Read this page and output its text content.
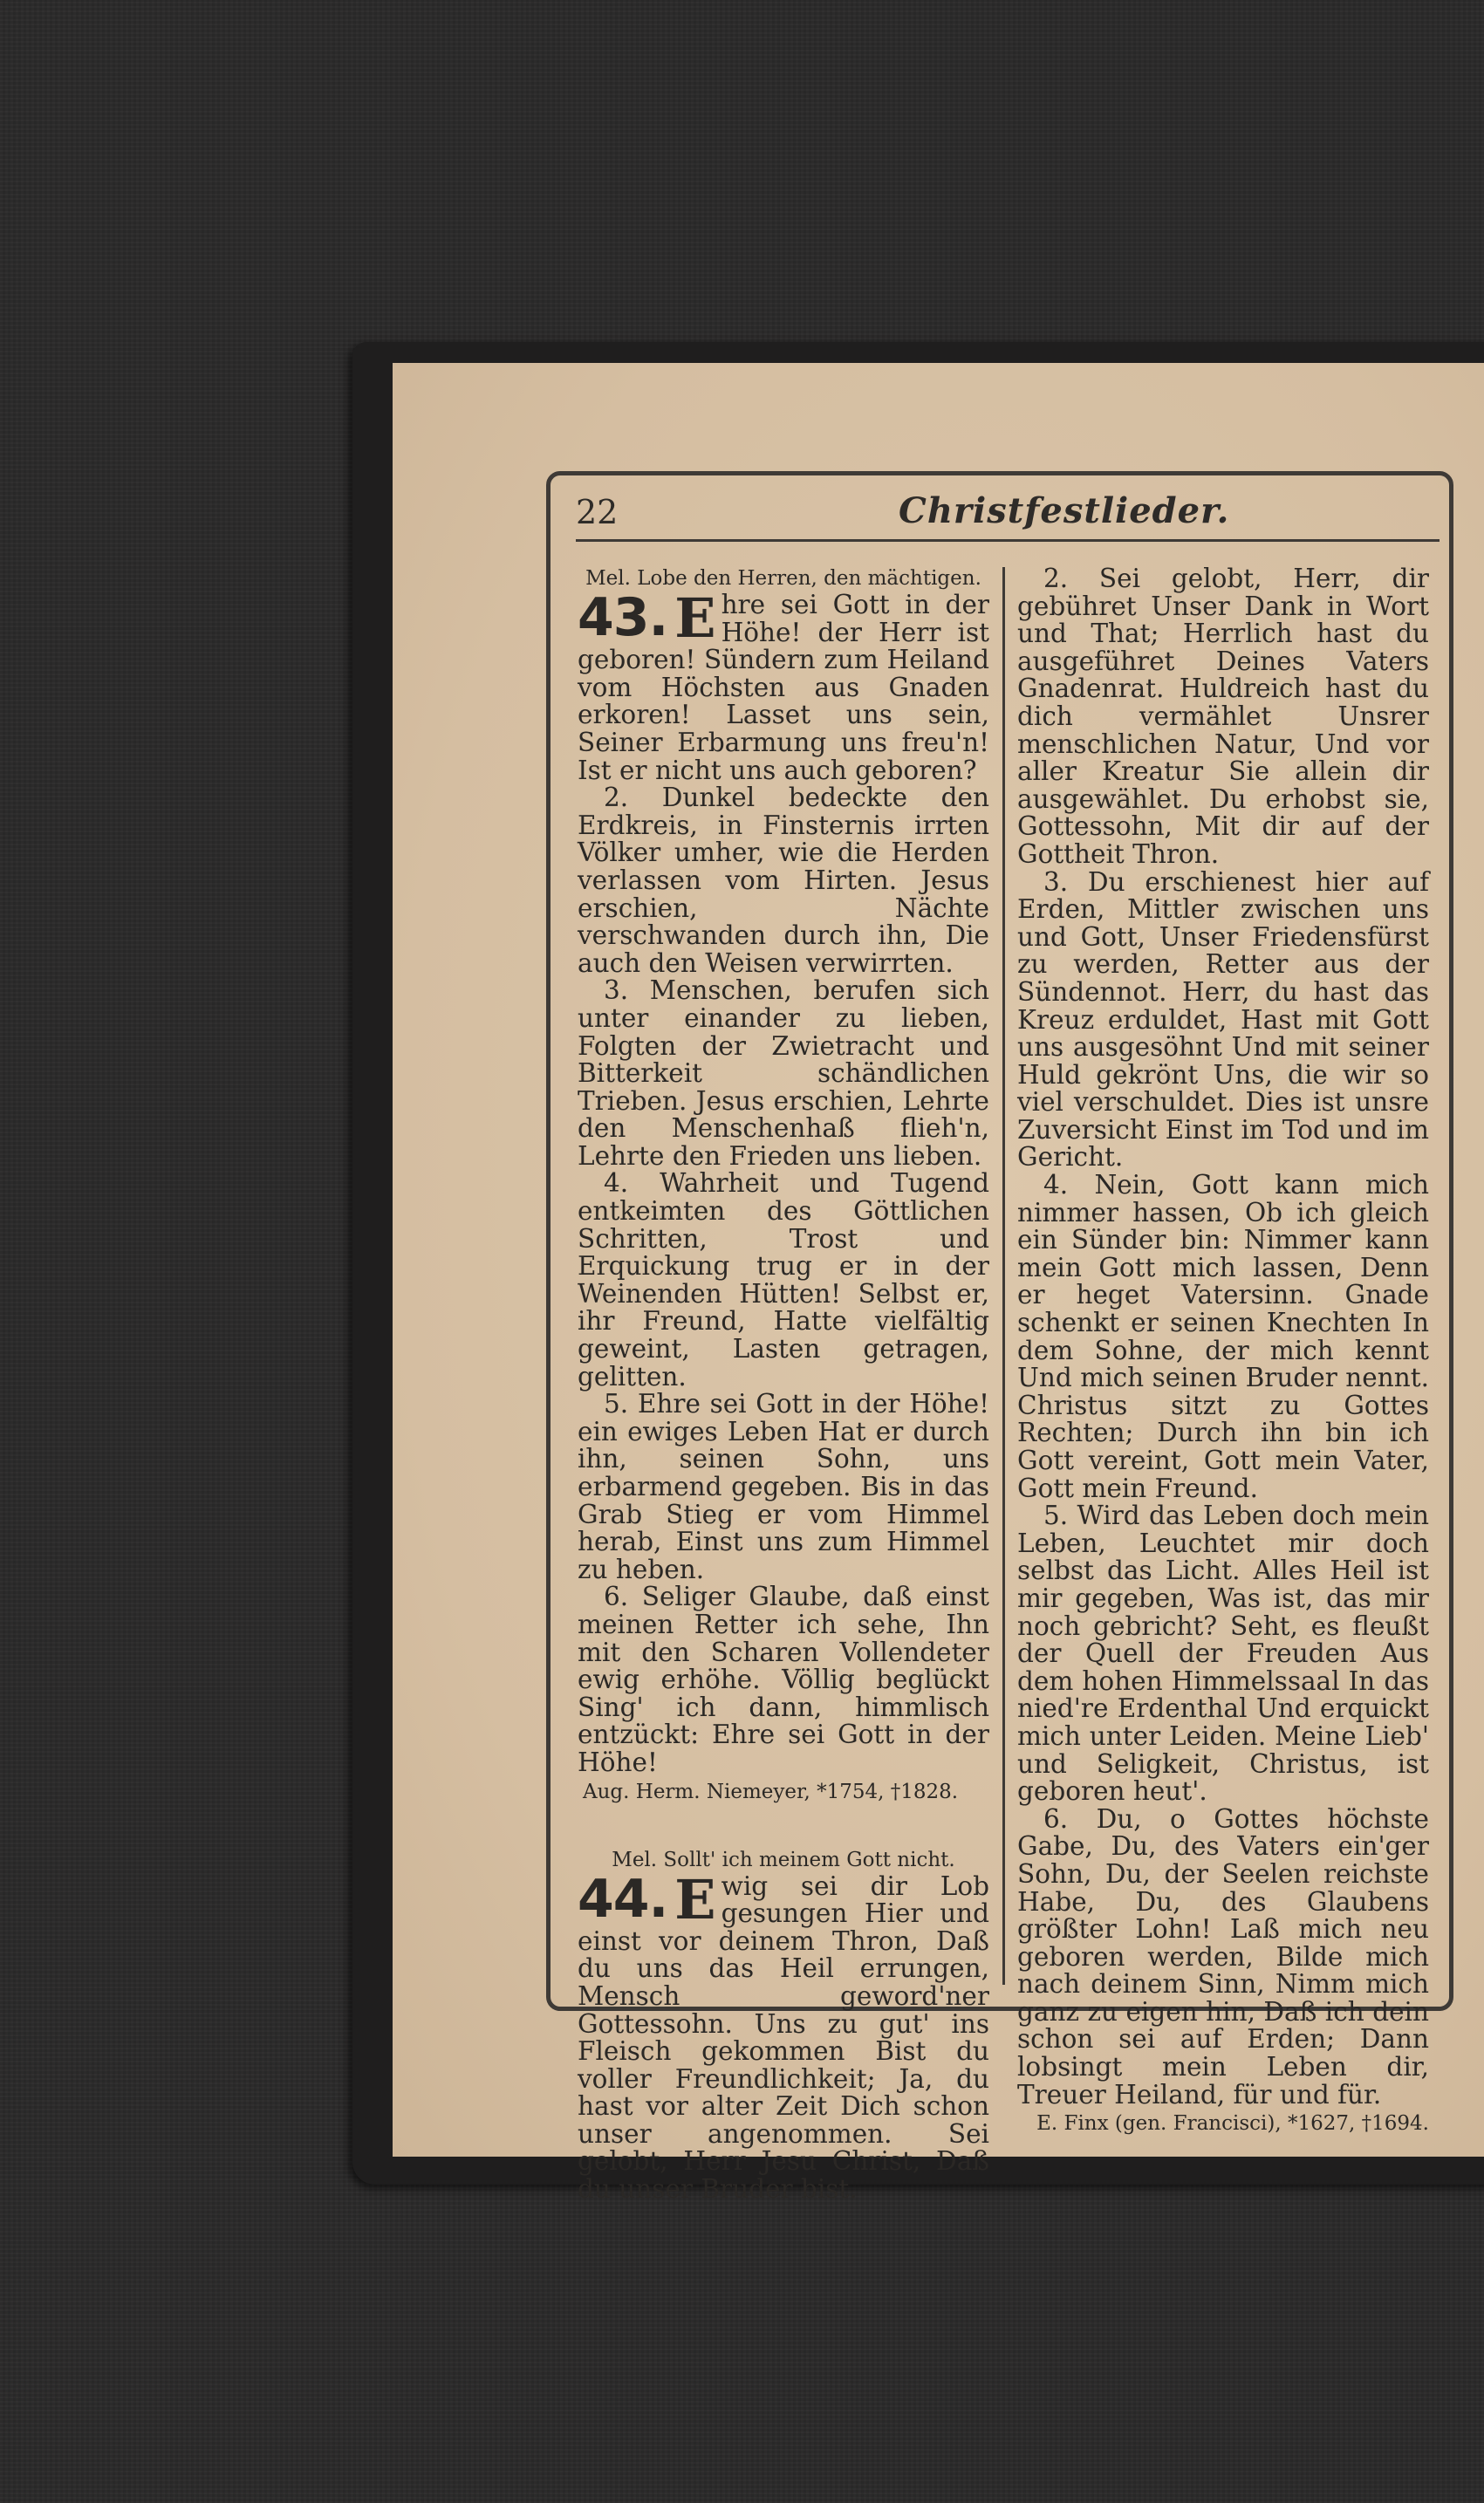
22	Christfestlieder.

Mel. Lobe den Herren, den mächtigen.

43. E hre sei Gott in der Höhe! der Herr ist geboren! Sündern zum Heiland vom Höchsten aus Gnaden erkoren! Lasset uns sein, Seiner Erbarmung uns freu'n! Ist er nicht uns auch geboren?

2. Dunkel bedeckte den Erdkreis, in Finsternis irrten Völker umher, wie die Herden verlassen vom Hirten. Jesus erschien, Nächte verschwanden durch ihn, Die auch den Weisen verwirrten.

3. Menschen, berufen sich unter einander zu lieben, Folgten der Zwietracht und Bitterkeit schändlichen Trieben. Jesus erschien, Lehrte den Menschenhaß flieh'n, Lehrte den Frieden uns lieben.

4. Wahrheit und Tugend entkeimten des Göttlichen Schritten, Trost und Erquickung trug er in der Weinenden Hütten! Selbst er, ihr Freund, Hatte vielfältig geweint, Lasten getragen, gelitten.

5. Ehre sei Gott in der Höhe! ein ewiges Leben Hat er durch ihn, seinen Sohn, uns erbarmend gegeben. Bis in das Grab Stieg er vom Himmel herab, Einst uns zum Himmel zu heben.

6. Seliger Glaube, daß einst meinen Retter ich sehe, Ihn mit den Scharen Vollendeter ewig erhöhe. Völlig beglückt Sing' ich dann, himmlisch entzückt: Ehre sei Gott in der Höhe!

Aug. Herm. Niemeyer, *1754, †1828.

Mel. Sollt' ich meinem Gott nicht.

44. E wig sei dir Lob gesungen Hier und einst vor deinem Thron, Daß du uns das Heil errungen, Mensch geword'ner Gottessohn. Uns zu gut' ins Fleisch gekommen Bist du voller Freundlichkeit; Ja, du hast vor alter Zeit Dich schon unser angenommen. Sei gelobt, Herr Jesu Christ, Daß du unser Bruder bist.

2. Sei gelobt, Herr, dir gebühret Unser Dank in Wort und That; Herrlich hast du ausgeführet Deines Vaters Gnadenrat. Huldreich hast du dich vermählet Unsrer menschlichen Natur, Und vor aller Kreatur Sie allein dir ausgewählet. Du erhobst sie, Gottessohn, Mit dir auf der Gottheit Thron.

3. Du erschienest hier auf Erden, Mittler zwischen uns und Gott, Unser Friedensfürst zu werden, Retter aus der Sündennot. Herr, du hast das Kreuz erduldet, Hast mit Gott uns ausgesöhnt Und mit seiner Huld gekrönt Uns, die wir so viel verschuldet. Dies ist unsre Zuversicht Einst im Tod und im Gericht.

4. Nein, Gott kann mich nimmer hassen, Ob ich gleich ein Sünder bin: Nimmer kann mein Gott mich lassen, Denn er heget Vatersinn. Gnade schenkt er seinen Knechten In dem Sohne, der mich kennt Und mich seinen Bruder nennt. Christus sitzt zu Gottes Rechten; Durch ihn bin ich Gott vereint, Gott mein Vater, Gott mein Freund.

5. Wird das Leben doch mein Leben, Leuchtet mir doch selbst das Licht. Alles Heil ist mir gegeben, Was ist, das mir noch gebricht? Seht, es fleußt der Quell der Freuden Aus dem hohen Himmelssaal In das nied're Erdenthal Und erquickt mich unter Leiden. Meine Lieb' und Seligkeit, Christus, ist geboren heut'.

6. Du, o Gottes höchste Gabe, Du, des Vaters ein'ger Sohn, Du, der Seelen reichste Habe, Du, des Glaubens größter Lohn! Laß mich neu geboren werden, Bilde mich nach deinem Sinn, Nimm mich ganz zu eigen hin, Daß ich dein schon sei auf Erden; Dann lobsingt mein Leben dir, Treuer Heiland, für und für.

E. Finx (gen. Francisci), *1627, †1694.
